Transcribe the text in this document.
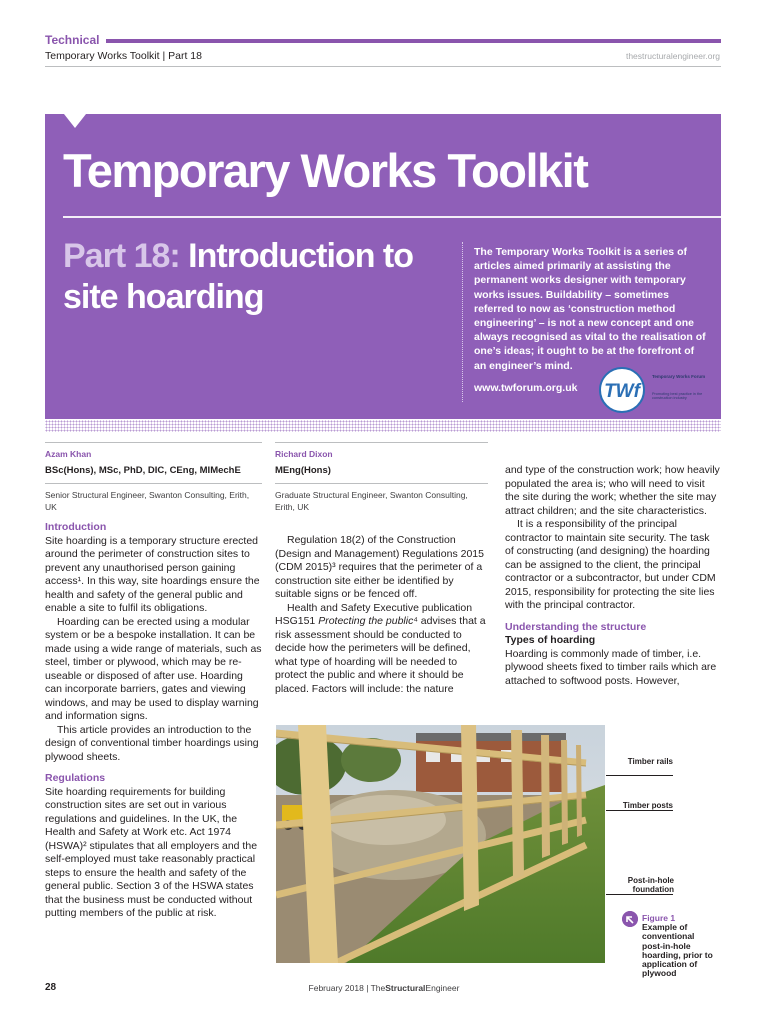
Technical
Temporary Works Toolkit | Part 18	thestructuralengineer.org
Temporary Works Toolkit
Part 18: Introduction to site hoarding
The Temporary Works Toolkit is a series of articles aimed primarily at assisting the permanent works designer with temporary works issues. Buildability – sometimes referred to now as ‘construction method engineering’ – is not a new concept and one always recognised as vital to the realisation of one’s ideas; it ought to be at the forefront of an engineer’s mind.
www.twforum.org.uk TWf
Temporary Works Forum
Promoting best practice in the construction industry
Azam Khan
BSc(Hons), MSc, PhD, DIC, CEng, MIMechE
Senior Structural Engineer, Swanton Consulting, Erith, UK
Introduction

Site hoarding is a temporary structure erected around the perimeter of construction sites to prevent any unauthorised person gaining access¹. In this way, site hoardings ensure the health and safety of the general public and enable a site to fulfil its obligations.

Hoarding can be erected using a modular system or be a bespoke installation. It can be made using a wide range of materials, such as steel, timber or plywood, which may be re-useable or disposed of after use. Hoarding can incorporate barriers, gates and viewing windows, and may be used to display warning and information signs.

This article provides an introduction to the design of conventional timber hoardings using plywood sheets.

Regulations

Site hoarding requirements for building construction sites are set out in various regulations and guidelines. In the UK, the Health and Safety at Work etc. Act 1974 (HSWA)² stipulates that all employers and the self-employed must take reasonably practical steps to ensure the health and safety of the general public. Section 3 of the HSWA states that the business must be conducted without putting members of the public at risk.

Richard Dixon
MEng(Hons)
Graduate Structural Engineer, Swanton Consulting, Erith, UK

Regulation 18(2) of the Construction (Design and Management) Regulations 2015 (CDM 2015)³ requires that the perimeter of a construction site either be identified by suitable signs or be fenced off.

Health and Safety Executive publication HSG151 Protecting the public⁴ advises that a risk assessment should be conducted to decide how the perimeters will be defined, what type of hoarding will be needed to protect the public and where it should be placed. Factors will include: the nature

and type of the construction work; how heavily populated the area is; who will need to visit the site during the work; whether the site may attract children; and the site characteristics.

It is a responsibility of the principal contractor to maintain site security. The task of constructing (and designing) the hoarding can be assigned to the client, the principal contractor or a subcontractor, but under CDM 2015, responsibility for protecting the site lies with the principal contractor.

Understanding the structure
Types of hoarding

Hoarding is commonly made of timber, i.e. plywood sheets fixed to timber rails which are attached to softwood posts. However,

Timber rails
Timber posts
Post-in-hole foundation
Figure 1
Example of conventional post-in-hole hoarding, prior to application of plywood
28	February 2018 | TheStructuralEngineer
